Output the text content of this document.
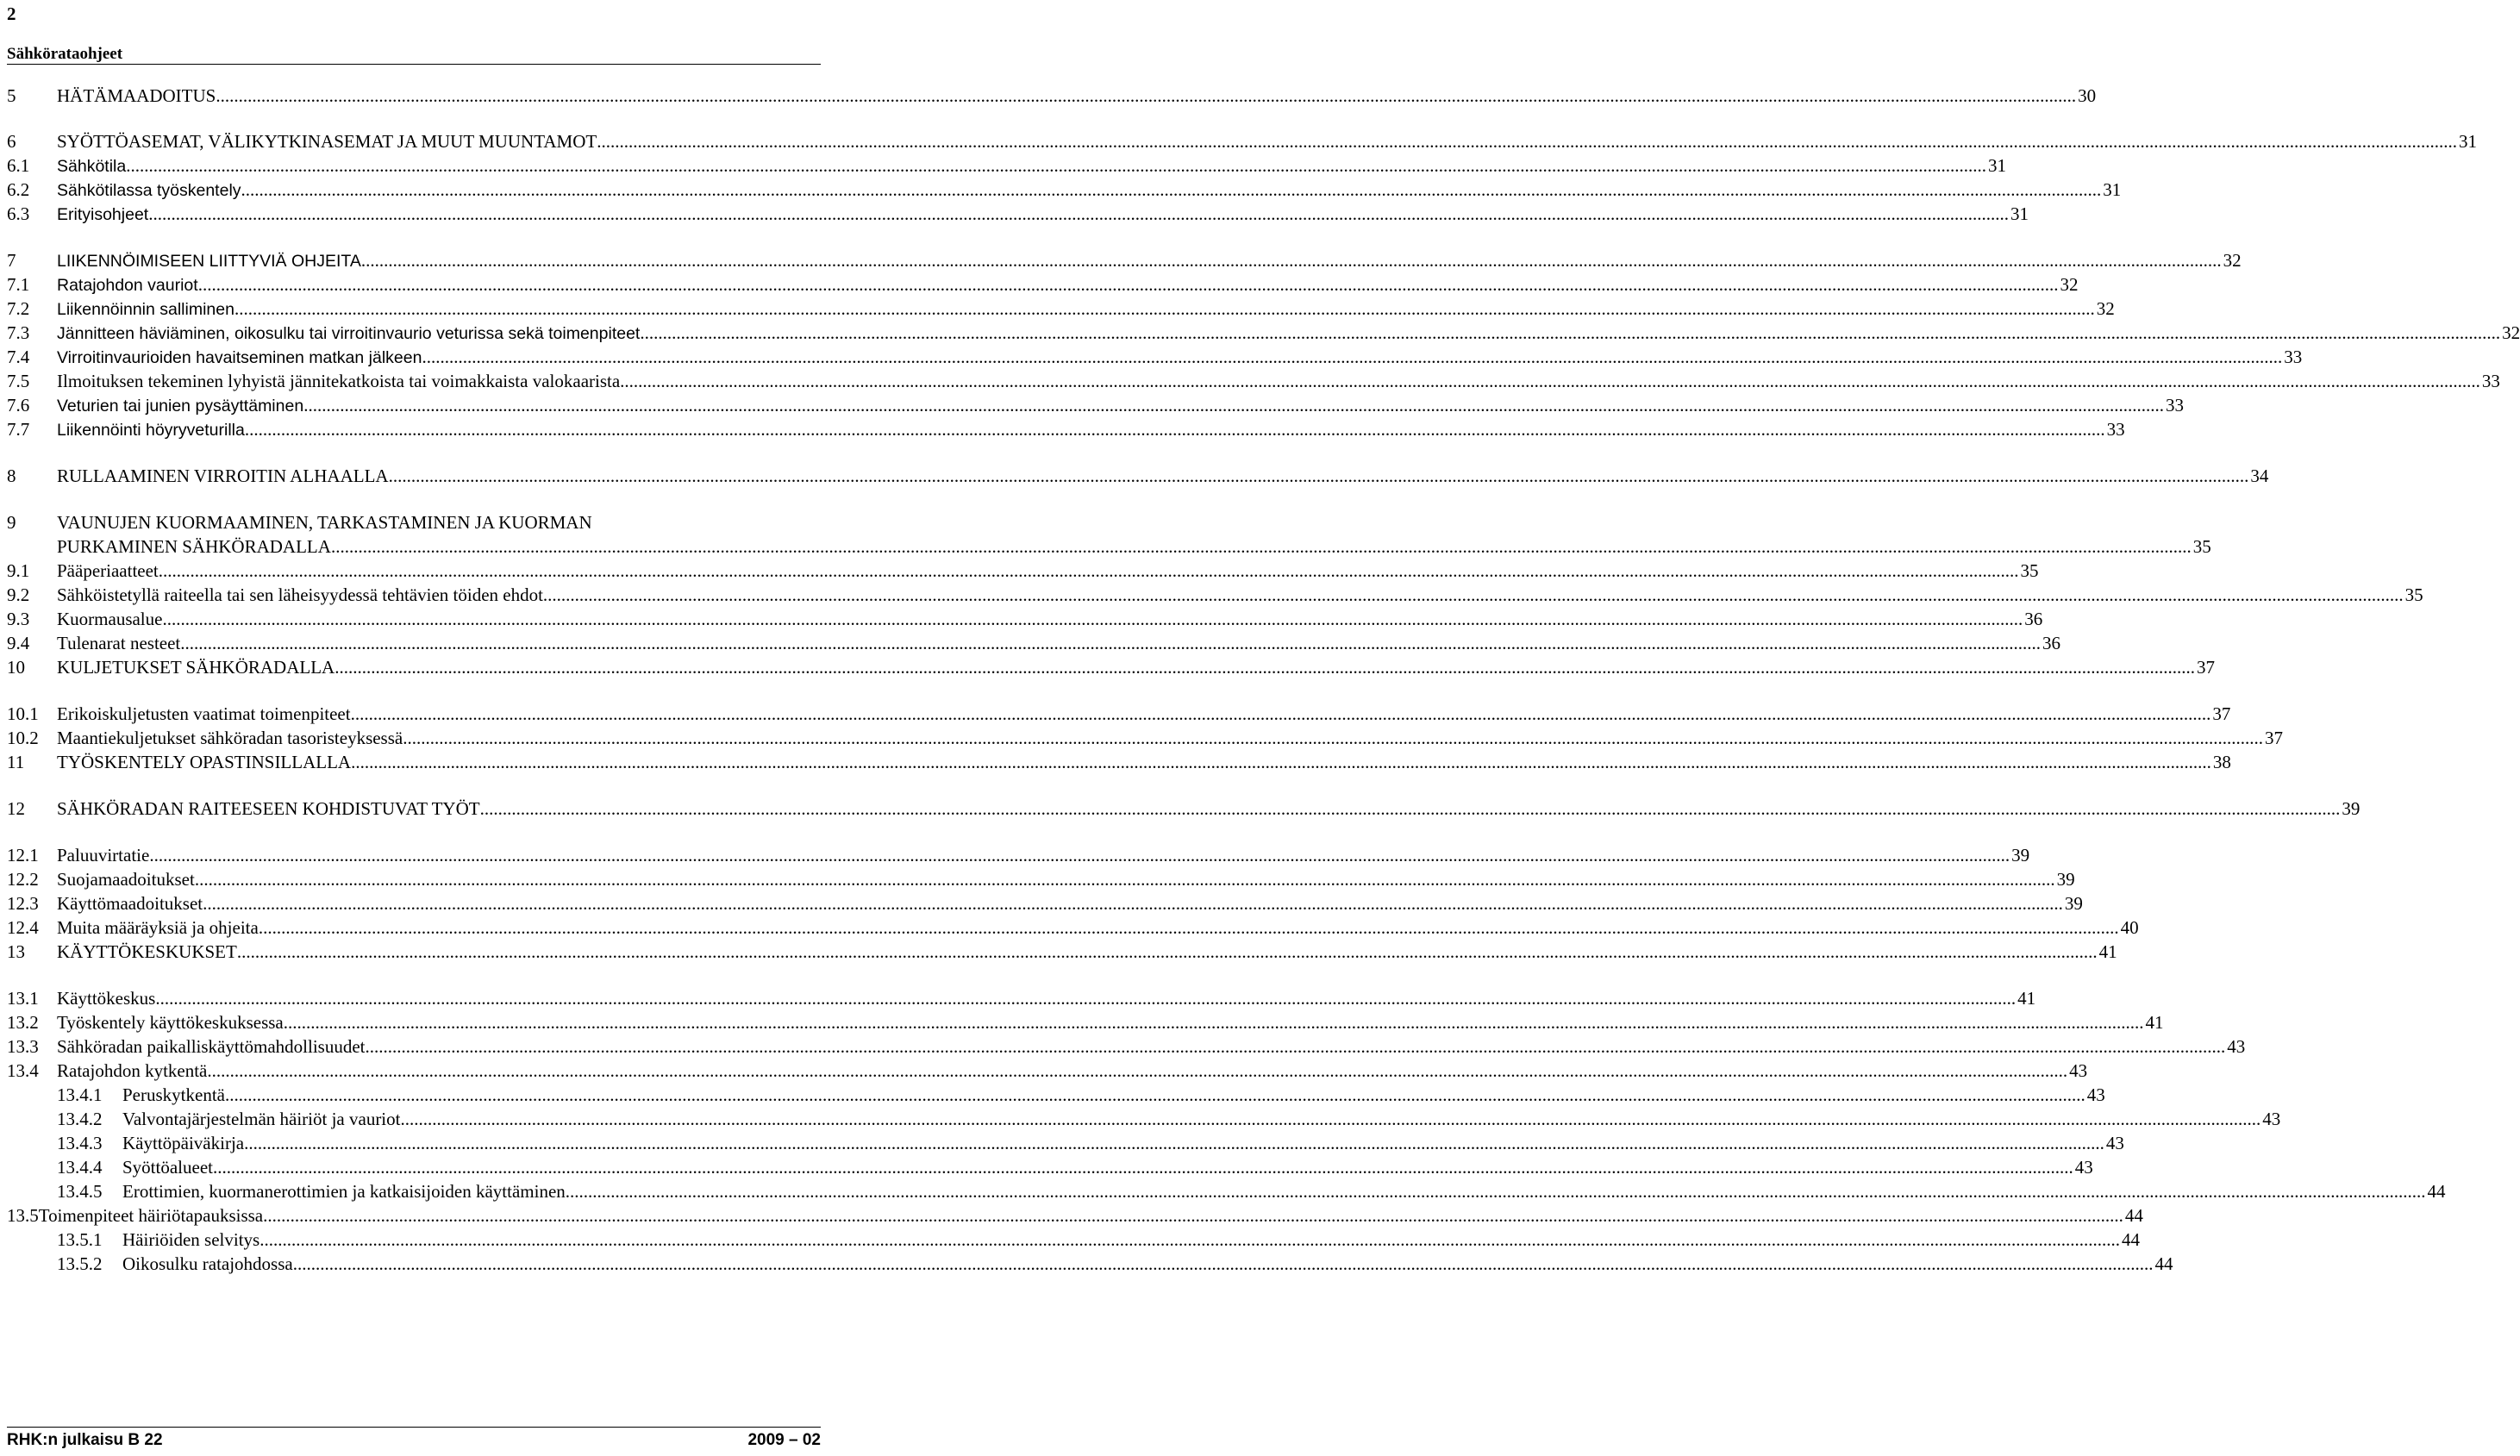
2
Sähköratаohjeet
5	HÄTÄMAADOITUS .....	30
6	SYÖTTÖASEMAT, VÄLIKYTKINASEMAT JA MUUT MUUNTAMOT .....	31
6.1	Sähkötila .....	31
6.2	Sähkötilassa työskentely .....	31
6.3	Erityisohjeet .....	31
7	LIIKENNÖIMISEEN LIITTYVIÄ OHJEITA .....	32
7.1	Ratajohdon vauriot .....	32
7.2	Liikennöinnin salliminen .....	32
7.3	Jännitteen häviäminen, oikosulku tai virroitinvaurio veturissa sekä toimenpiteet .....	32
7.4	Virroitinvaurioiden havaitseminen matkan jälkeen .....	33
7.5	Ilmoituksen tekeminen lyhyistä jännitekatkoista tai voimakkaista valokaarista .....	33
7.6	Veturien tai junien pysäyttäminen .....	33
7.7	Liikennöinti höyryveturilla .....	33
8	RULLAAMINEN VIRROITIN ALHAALLA .....	34
9	VAUNUJEN KUORMAAMINEN, TARKASTAMINEN JA KUORMAN
PURKAMINEN SÄHKÖRADALLA .....	35
9.1	Pääperiaatteet .....	35
9.2	Sähköistetyllä raiteella tai sen läheisyydessä tehtävien töiden ehdot .....	35
9.3	Kuormausalue .....	36
9.4	Tulenarat nesteet .....	36
10	KULJETUKSET SÄHKÖRADALLA .....	37
10.1	Erikoiskuljetusten vaatimat toimenpiteet .....	37
10.2	Maantiekuljetukset sähköradan tasoristeyksessä .....	37
11	TYÖSKENTELY OPASTINSILLALLA .....	38
12	SÄHKÖRADAN RAITEESEEN KOHDISTUVAT TYÖT .....	39
12.1	Paluuvirtatie .....	39
12.2	Suojamaadoitukset .....	39
12.3	Käyttömaadoitukset .....	39
12.4	Muita määräyksiä ja ohjeita .....	40
13	KÄYTTÖKESKUKSET .....	41
13.1	Käyttökeskus .....	41
13.2	Työskentely käyttökeskuksessa .....	41
13.3	Sähköradan paikalliskäyttömahdollisuudet .....	43
13.4	Ratajohdon kytkentä .....	43
13.4.1	Peruskytkentä .....	43
13.4.2	Valvontajärjestelmän häiriöt ja vauriot .....	43
13.4.3	Käyttöpäiväkirja .....	43
13.4.4	Syöttöalueet .....	43
13.4.5	Erottimien, kuormanerottimien ja katkaisijoiden käyttäminen .....	44
13.5 Toimenpiteet häiriötapauksissa .....	44
13.5.1	Häiriöiden selvitys .....	44
13.5.2	Oikosulku ratajohdossa .....	44
RHK:n julkaisu B 22	2009 – 02
